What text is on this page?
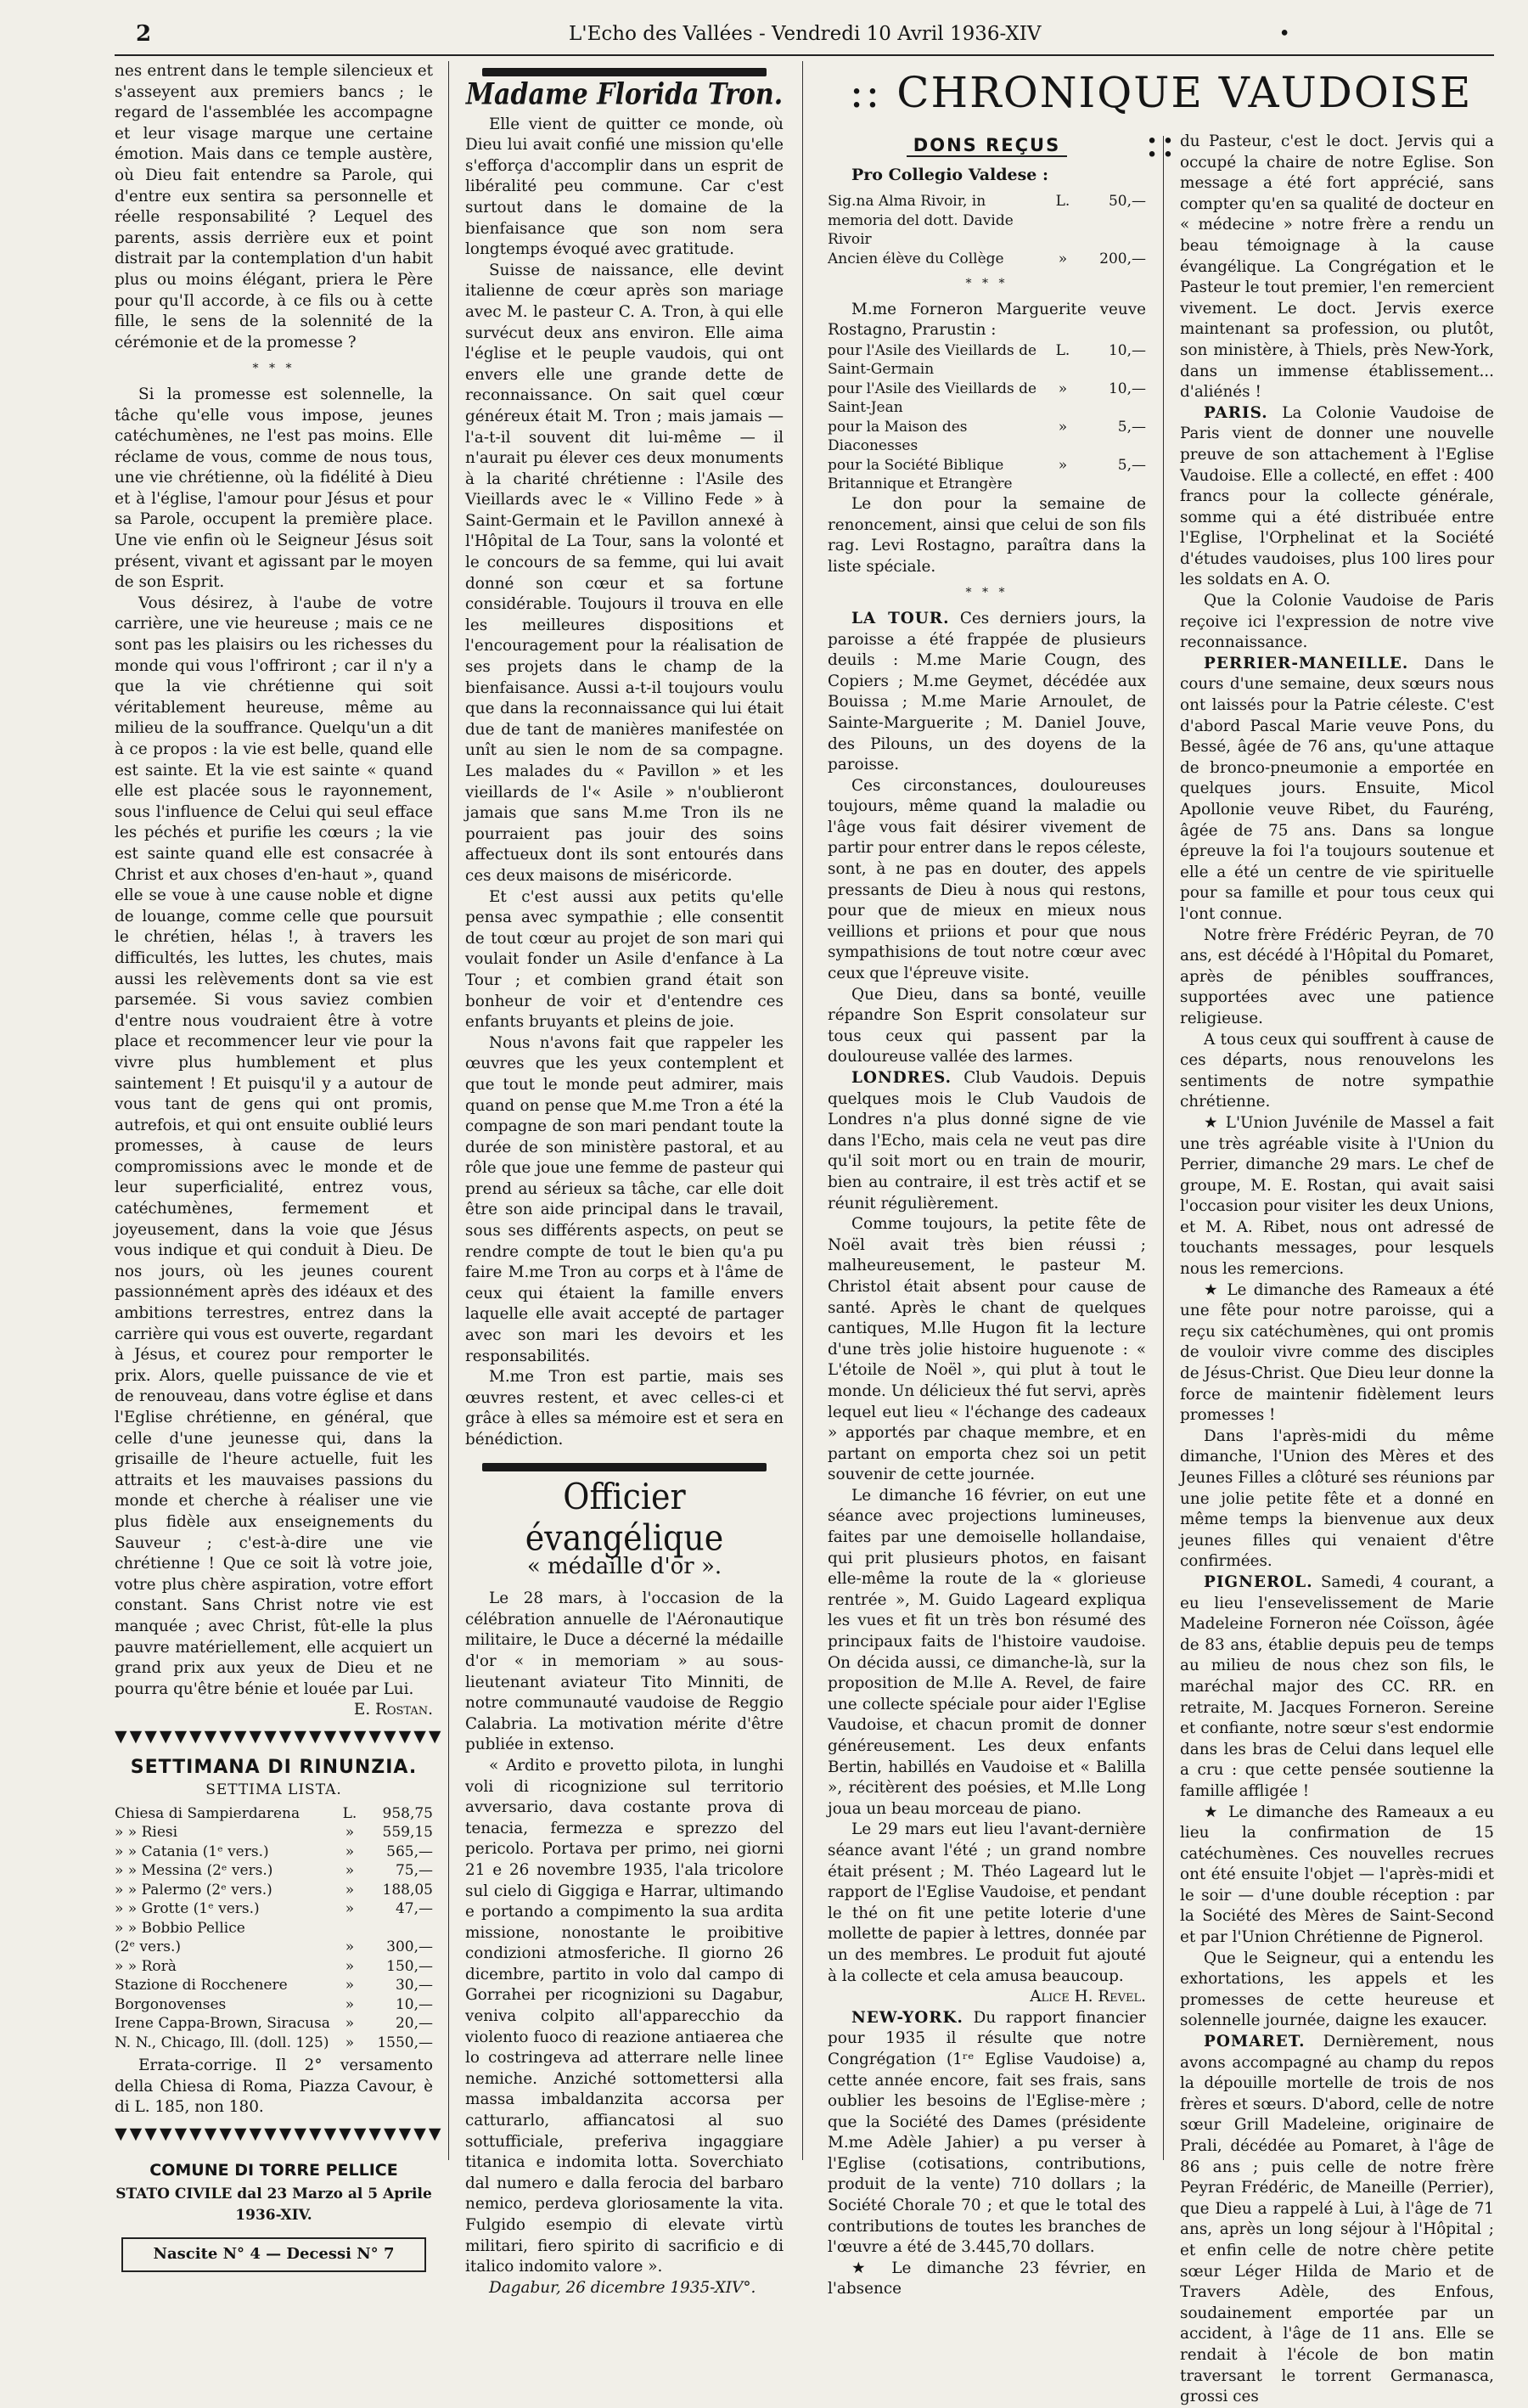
2	L'Echo des Vallées - Vendredi 10 Avril 1936-XIV	•

nes entrent dans le temple silencieux et s'asseyent aux premiers bancs ; le regard de l'assemblée les accompagne et leur visage marque une certaine émotion. Mais dans ce temple austère, où Dieu fait entendre sa Parole, qui d'entre eux sentira sa personnelle et réelle responsabilité ? Lequel des parents, assis derrière eux et point distrait par la contemplation d'un habit plus ou moins élégant, priera le Père pour qu'Il accorde, à ce fils ou à cette fille, le sens de la solennité de la cérémonie et de la promesse ?

* * *

Si la promesse est solennelle, la tâche qu'elle vous impose, jeunes catéchumènes, ne l'est pas moins. Elle réclame de vous, comme de nous tous, une vie chrétienne, où la fidélité à Dieu et à l'église, l'amour pour Jésus et pour sa Parole, occupent la première place. Une vie enfin où le Seigneur Jésus soit présent, vivant et agissant par le moyen de son Esprit.

Vous désirez, à l'aube de votre carrière, une vie heureuse ; mais ce ne sont pas les plaisirs ou les richesses du monde qui vous l'offriront ; car il n'y a que la vie chrétienne qui soit véritablement heureuse, même au milieu de la souffrance. Quelqu'un a dit à ce propos : la vie est belle, quand elle est sainte. Et la vie est sainte « quand elle est placée sous le rayonnement, sous l'influence de Celui qui seul efface les péchés et purifie les cœurs ; la vie est sainte quand elle est consacrée à Christ et aux choses d'en-haut », quand elle se voue à une cause noble et digne de louange, comme celle que poursuit le chrétien, hélas !, à travers les difficultés, les luttes, les chutes, mais aussi les relèvements dont sa vie est parsemée. Si vous saviez combien d'entre nous voudraient être à votre place et recommencer leur vie pour la vivre plus humblement et plus saintement ! Et puisqu'il y a autour de vous tant de gens qui ont promis, autrefois, et qui ont ensuite oublié leurs promesses, à cause de leurs compromissions avec le monde et de leur superficialité, entrez vous, catéchumènes, fermement et joyeusement, dans la voie que Jésus vous indique et qui conduit à Dieu. De nos jours, où les jeunes courent passionnément après des idéaux et des ambitions terrestres, entrez dans la carrière qui vous est ouverte, regardant à Jésus, et courez pour remporter le prix. Alors, quelle puissance de vie et de renouveau, dans votre église et dans l'Eglise chrétienne, en général, que celle d'une jeunesse qui, dans la grisaille de l'heure actuelle, fuit les attraits et les mauvaises passions du monde et cherche à réaliser une vie plus fidèle aux enseignements du Sauveur ; c'est-à-dire une vie chrétienne ! Que ce soit là votre joie, votre plus chère aspiration, votre effort constant. Sans Christ notre vie est manquée ; avec Christ, fût-elle la plus pauvre matériellement, elle acquiert un grand prix aux yeux de Dieu et ne pourra qu'être bénie et louée par Lui.

E. Rostan.
▼▼▼▼▼▼▼▼▼▼▼▼▼▼▼▼▼▼▼▼▼▼
SETTIMANA DI RINUNZIA.
SETTIMA LISTA.
Chiesa di Sampierdarena	L.	958,75
» » Riesi	»	559,15
» » Catania (1ᵉ vers.)	»	565,—
» » Messina (2ᵉ vers.)	»	75,—
» » Palermo (2ᵉ vers.)	»	188,05
» » Grotte (1ᵉ vers.)	»	47,—
» » Bobbio Pellice		
(2ᵉ vers.)	»	300,—
» » Rorà	»	150,—
Stazione di Rocchenere	»	30,—
Borgonovenses	»	10,—
Irene Cappa-Brown, Siracusa	»	20,—
N. N., Chicago, Ill. (doll. 125)	»	1550,—

Errata-corrige. Il 2° versamento della Chiesa di Roma, Piazza Cavour, è di L. 185, non 180.

▼▼▼▼▼▼▼▼▼▼▼▼▼▼▼▼▼▼▼▼▼▼
COMUNE DI TORRE PELLICE
STATO CIVILE dal 23 Marzo al 5 Aprile 1936-XIV.
Nascite N° 4 — Decessi N° 7
Madame Florida Tron.

Elle vient de quitter ce monde, où Dieu lui avait confié une mission qu'elle s'efforça d'accomplir dans un esprit de libéralité peu commune. Car c'est surtout dans le domaine de la bienfaisance que son nom sera longtemps évoqué avec gratitude.

Suisse de naissance, elle devint italienne de cœur après son mariage avec M. le pasteur C. A. Tron, à qui elle survécut deux ans environ. Elle aima l'église et le peuple vaudois, qui ont envers elle une grande dette de reconnaissance. On sait quel cœur généreux était M. Tron ; mais jamais — l'a-t-il souvent dit lui-même — il n'aurait pu élever ces deux monuments à la charité chrétienne : l'Asile des Vieillards avec le « Villino Fede » à Saint-Germain et le Pavillon annexé à l'Hôpital de La Tour, sans la volonté et le concours de sa femme, qui lui avait donné son cœur et sa fortune considérable. Toujours il trouva en elle les meilleures dispositions et l'encouragement pour la réalisation de ses projets dans le champ de la bienfaisance. Aussi a-t-il toujours voulu que dans la reconnaissance qui lui était due de tant de manières manifestée on unît au sien le nom de sa compagne. Les malades du « Pavillon » et les vieillards de l'« Asile » n'oublieront jamais que sans M.me Tron ils ne pourraient pas jouir des soins affectueux dont ils sont entourés dans ces deux maisons de miséricorde.

Et c'est aussi aux petits qu'elle pensa avec sympathie ; elle consentit de tout cœur au projet de son mari qui voulait fonder un Asile d'enfance à La Tour ; et combien grand était son bonheur de voir et d'entendre ces enfants bruyants et pleins de joie.

Nous n'avons fait que rappeler les œuvres que les yeux contemplent et que tout le monde peut admirer, mais quand on pense que M.me Tron a été la compagne de son mari pendant toute la durée de son ministère pastoral, et au rôle que joue une femme de pasteur qui prend au sérieux sa tâche, car elle doit être son aide principal dans le travail, sous ses différents aspects, on peut se rendre compte de tout le bien qu'a pu faire M.me Tron au corps et à l'âme de ceux qui étaient la famille envers laquelle elle avait accepté de partager avec son mari les devoirs et les responsabilités.

M.me Tron est partie, mais ses œuvres restent, et avec celles-ci et grâce à elles sa mémoire est et sera en bénédiction.

Officier évangélique
« médaille d'or ».

Le 28 mars, à l'occasion de la célébration annuelle de l'Aéronautique militaire, le Duce a décerné la médaille d'or « in memoriam » au sous-lieutenant aviateur Tito Minniti, de notre communauté vaudoise de Reggio Calabria. La motivation mérite d'être publiée in extenso.

« Ardito e provetto pilota, in lunghi voli di ricognizione sul territorio avversario, dava costante prova di tenacia, fermezza e sprezzo del pericolo. Portava per primo, nei giorni 21 e 26 novembre 1935, l'ala tricolore sul cielo di Giggiga e Harrar, ultimando e portando a compimento la sua ardita missione, nonostante le proibitive condizioni atmosferiche. Il giorno 26 dicembre, partito in volo dal campo di Gorrahei per ricognizioni su Dagabur, veniva colpito all'apparecchio da violento fuoco di reazione antiaerea che lo costringeva ad atterrare nelle linee nemiche. Anziché sottomettersi alla massa imbaldanzita accorsa per catturarlo, affiancatosi al suo sottufficiale, preferiva ingaggiare titanica e indomita lotta. Soverchiato dal numero e dalla ferocia del barbaro nemico, perdeva gloriosamente la vita. Fulgido esempio di elevate virtù militari, fiero spirito di sacrificio e di italico indomito valore ».

Dagabur, 26 dicembre 1935-XIV°.

:: CHRONIQUE VAUDOISE ::
DONS REÇUS
Pro Collegio Valdese :
Sig.na Alma Rivoir, in memoria del dott. Davide Rivoir	L.	50,—
Ancien élève du Collège	»	200,—
* * *

M.me Forneron Marguerite veuve Rostagno, Prarustin :

pour l'Asile des Vieillards de Saint-Germain	L.	10,—
pour l'Asile des Vieillards de Saint-Jean	»	10,—
pour la Maison des Diaconesses	»	5,—
pour la Société Biblique Britannique et Etrangère	»	5,—

Le don pour la semaine de renoncement, ainsi que celui de son fils rag. Levi Rostagno, paraîtra dans la liste spéciale.

* * *

LA TOUR. Ces derniers jours, la paroisse a été frappée de plusieurs deuils : M.me Marie Cougn, des Copiers ; M.me Geymet, décédée aux Bouissa ; M.me Marie Arnoulet, de Sainte-Marguerite ; M. Daniel Jouve, des Pilouns, un des doyens de la paroisse.

Ces circonstances, douloureuses toujours, même quand la maladie ou l'âge vous fait désirer vivement de partir pour entrer dans le repos céleste, sont, à ne pas en douter, des appels pressants de Dieu à nous qui restons, pour que de mieux en mieux nous veillions et priions et pour que nous sympathisions de tout notre cœur avec ceux que l'épreuve visite.

Que Dieu, dans sa bonté, veuille répandre Son Esprit consolateur sur tous ceux qui passent par la douloureuse vallée des larmes.

LONDRES. Club Vaudois. Depuis quelques mois le Club Vaudois de Londres n'a plus donné signe de vie dans l'Echo, mais cela ne veut pas dire qu'il soit mort ou en train de mourir, bien au contraire, il est très actif et se réunit régulièrement.

Comme toujours, la petite fête de Noël avait très bien réussi ; malheureusement, le pasteur M. Christol était absent pour cause de santé. Après le chant de quelques cantiques, M.lle Hugon fit la lecture d'une très jolie histoire huguenote : « L'étoile de Noël », qui plut à tout le monde. Un délicieux thé fut servi, après lequel eut lieu « l'échange des cadeaux » apportés par chaque membre, et en partant on emporta chez soi un petit souvenir de cette journée.

Le dimanche 16 février, on eut une séance avec projections lumineuses, faites par une demoiselle hollandaise, qui prit plusieurs photos, en faisant elle-même la route de la « glorieuse rentrée », M. Guido Lageard expliqua les vues et fit un très bon résumé des principaux faits de l'histoire vaudoise. On décida aussi, ce dimanche-là, sur la proposition de M.lle A. Revel, de faire une collecte spéciale pour aider l'Eglise Vaudoise, et chacun promit de donner généreusement. Les deux enfants Bertin, habillés en Vaudoise et « Balilla », récitèrent des poésies, et M.lle Long joua un beau morceau de piano.

Le 29 mars eut lieu l'avant-dernière séance avant l'été ; un grand nombre était présent ; M. Théo Lageard lut le rapport de l'Eglise Vaudoise, et pendant le thé on fit une petite loterie d'une mollette de papier à lettres, donnée par un des membres. Le produit fut ajouté à la collecte et cela amusa beaucoup.

Alice H. Revel.

NEW-YORK. Du rapport financier pour 1935 il résulte que notre Congrégation (1ʳᵉ Eglise Vaudoise) a, cette année encore, fait ses frais, sans oublier les besoins de l'Eglise-mère ; que la Société des Dames (présidente M.me Adèle Jahier) a pu verser à l'Eglise (cotisations, contributions, produit de la vente) 710 dollars ; la Société Chorale 70 ; et que le total des contributions de toutes les branches de l'œuvre a été de 3.445,70 dollars.

★ Le dimanche 23 février, en l'absence

du Pasteur, c'est le doct. Jervis qui a occupé la chaire de notre Eglise. Son message a été fort apprécié, sans compter qu'en sa qualité de docteur en « médecine » notre frère a rendu un beau témoignage à la cause évangélique. La Congrégation et le Pasteur le tout premier, l'en remercient vivement. Le doct. Jervis exerce maintenant sa profession, ou plutôt, son ministère, à Thiels, près New-York, dans un immense établissement... d'aliénés !

PARIS. La Colonie Vaudoise de Paris vient de donner une nouvelle preuve de son attachement à l'Eglise Vaudoise. Elle a collecté, en effet : 400 francs pour la collecte générale, somme qui a été distribuée entre l'Eglise, l'Orphelinat et la Société d'études vaudoises, plus 100 lires pour les soldats en A. O.

Que la Colonie Vaudoise de Paris reçoive ici l'expression de notre vive reconnaissance.

PERRIER-MANEILLE. Dans le cours d'une semaine, deux sœurs nous ont laissés pour la Patrie céleste. C'est d'abord Pascal Marie veuve Pons, du Bessé, âgée de 76 ans, qu'une attaque de bronco-pneumonie a emportée en quelques jours. Ensuite, Micol Apollonie veuve Ribet, du Fauréng, âgée de 75 ans. Dans sa longue épreuve la foi l'a toujours soutenue et elle a été un centre de vie spirituelle pour sa famille et pour tous ceux qui l'ont connue.

Notre frère Frédéric Peyran, de 70 ans, est décédé à l'Hôpital du Pomaret, après de pénibles souffrances, supportées avec une patience religieuse.

A tous ceux qui souffrent à cause de ces départs, nous renouvelons les sentiments de notre sympathie chrétienne.

★ L'Union Juvénile de Massel a fait une très agréable visite à l'Union du Perrier, dimanche 29 mars. Le chef de groupe, M. E. Rostan, qui avait saisi l'occasion pour visiter les deux Unions, et M. A. Ribet, nous ont adressé de touchants messages, pour lesquels nous les remercions.

★ Le dimanche des Rameaux a été une fête pour notre paroisse, qui a reçu six catéchumènes, qui ont promis de vouloir vivre comme des disciples de Jésus-Christ. Que Dieu leur donne la force de maintenir fidèlement leurs promesses !

Dans l'après-midi du même dimanche, l'Union des Mères et des Jeunes Filles a clôturé ses réunions par une jolie petite fête et a donné en même temps la bienvenue aux deux jeunes filles qui venaient d'être confirmées.

PIGNEROL. Samedi, 4 courant, a eu lieu l'ensevelissement de Marie Madeleine Forneron née Coïsson, âgée de 83 ans, établie depuis peu de temps au milieu de nous chez son fils, le maréchal major des CC. RR. en retraite, M. Jacques Forneron. Sereine et confiante, notre sœur s'est endormie dans les bras de Celui dans lequel elle a cru : que cette pensée soutienne la famille affligée !

★ Le dimanche des Rameaux a eu lieu la confirmation de 15 catéchumènes. Ces nouvelles recrues ont été ensuite l'objet — l'après-midi et le soir — d'une double réception : par la Société des Mères de Saint-Second et par l'Union Chrétienne de Pignerol.

Que le Seigneur, qui a entendu les exhortations, les appels et les promesses de cette heureuse et solennelle journée, daigne les exaucer.

POMARET. Dernièrement, nous avons accompagné au champ du repos la dépouille mortelle de trois de nos frères et sœurs. D'abord, celle de notre sœur Grill Madeleine, originaire de Prali, décédée au Pomaret, à l'âge de 86 ans ; puis celle de notre frère Peyran Frédéric, de Maneille (Perrier), que Dieu a rappelé à Lui, à l'âge de 71 ans, après un long séjour à l'Hôpital ; et enfin celle de notre chère petite sœur Léger Hilda de Mario et de Travers Adèle, des Enfous, soudainement emportée par un accident, à l'âge de 11 ans. Elle se rendait à l'école de bon matin traversant le torrent Germanasca, grossi ces
